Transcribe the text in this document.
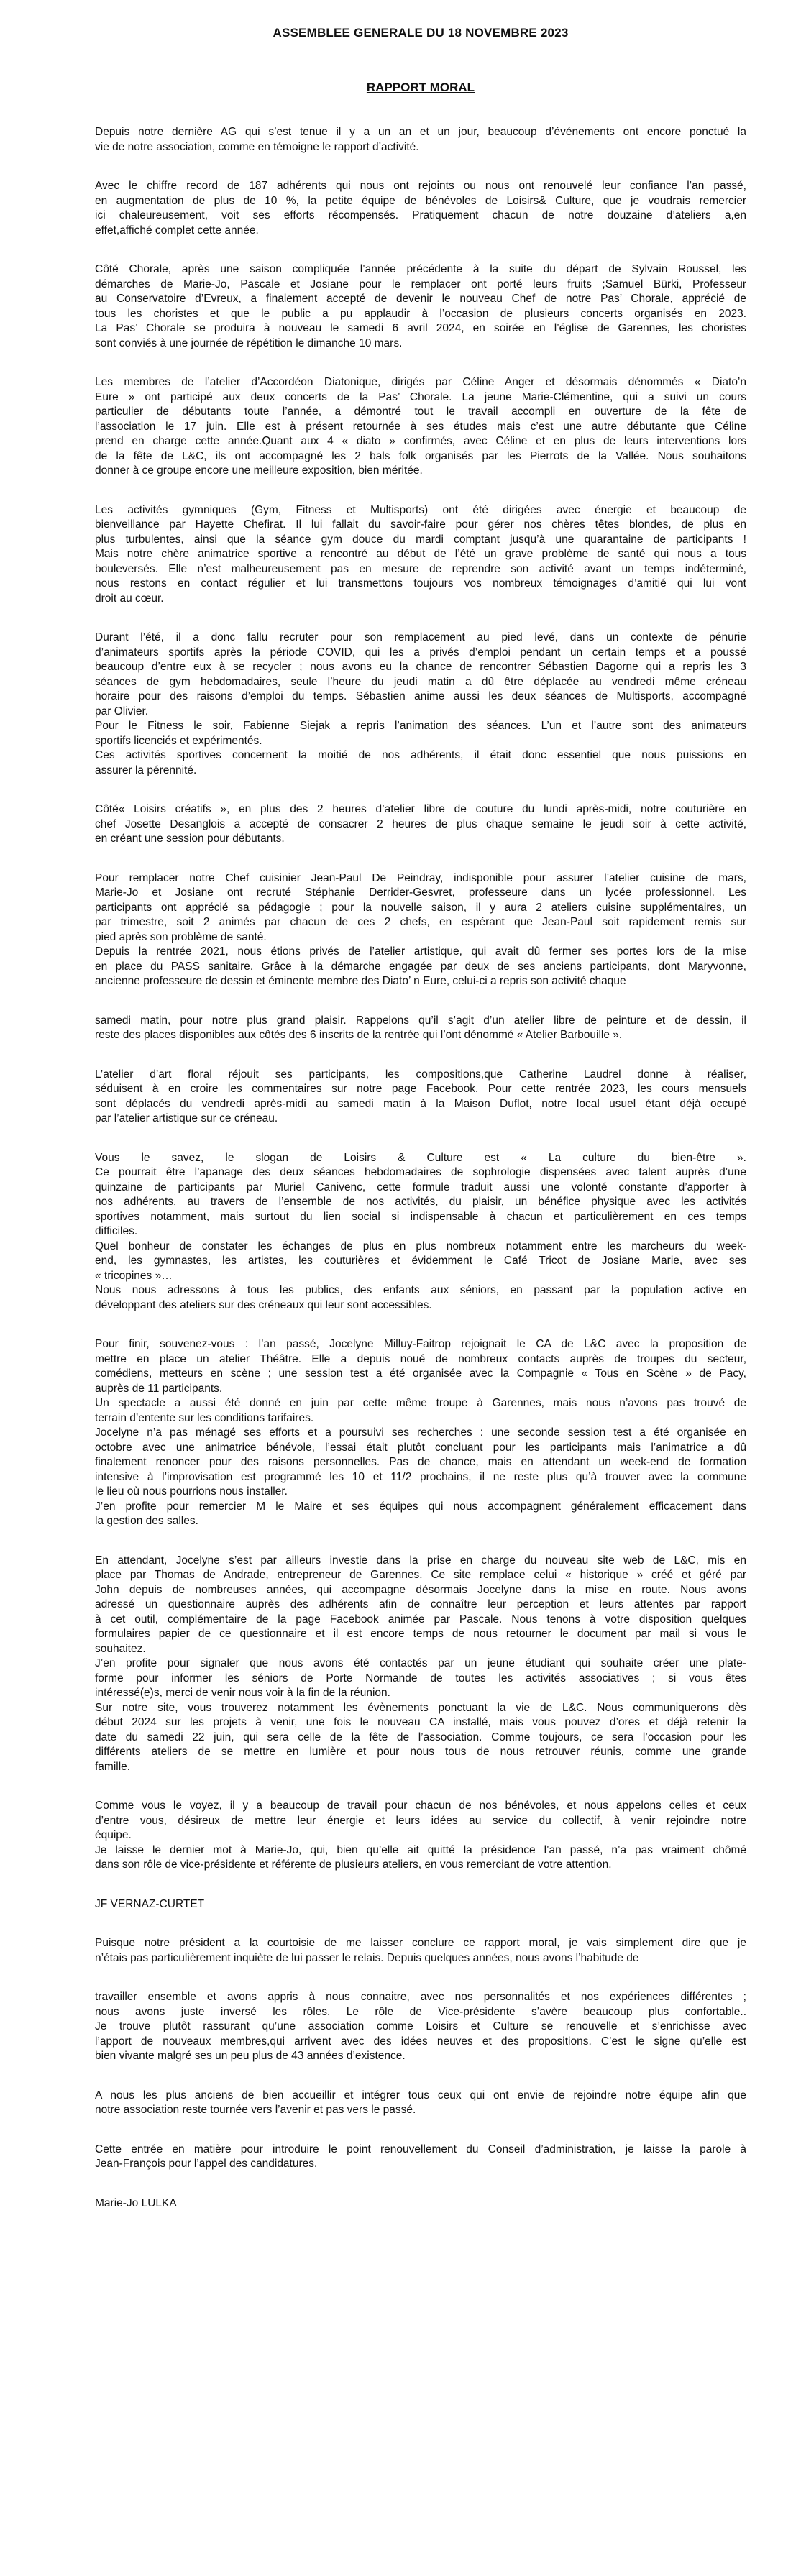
ASSEMBLEE GENERALE DU 18 NOVEMBRE 2023
RAPPORT MORAL
Depuis notre dernière AG qui s’est tenue il y a un an et un jour, beaucoup d’événements ont encore ponctué la
vie de notre association, comme en témoigne le rapport d’activité.
Avec le chiffre record de 187 adhérents qui nous ont rejoints ou nous ont renouvelé leur confiance l’an passé,
en augmentation de plus de 10 %, la petite équipe de bénévoles de Loisirs& Culture, que je voudrais remercier
ici chaleureusement, voit ses efforts récompensés. Pratiquement chacun de notre douzaine d’ateliers a,en
effet,affiché complet cette année.
Côté Chorale, après une saison compliquée l’année précédente à la suite du départ de Sylvain Roussel, les
démarches de Marie-Jo, Pascale et Josiane pour le remplacer ont porté leurs fruits ;Samuel Bürki, Professeur
au Conservatoire d’Evreux, a finalement accepté de devenir le nouveau Chef de notre Pas’ Chorale, apprécié de
tous les choristes et que le public a pu applaudir à l’occasion de plusieurs concerts organisés en 2023.
La Pas’ Chorale se produira à nouveau le samedi 6 avril 2024, en soirée en l’église de Garennes, les choristes
sont conviés à une journée de répétition le dimanche 10 mars.
Les membres de l’atelier d’Accordéon Diatonique, dirigés par Céline Anger et désormais dénommés « Diato’n
Eure » ont participé aux deux concerts de la Pas’ Chorale. La jeune Marie-Clémentine, qui a suivi un cours
particulier de débutants toute l’année, a démontré tout le travail accompli en ouverture de la fête de
l’association le 17 juin. Elle est à présent retournée à ses études mais c’est une autre débutante que Céline
prend en charge cette année.Quant aux 4 « diato » confirmés, avec Céline et en plus de leurs interventions lors
de la fête de L&C, ils ont accompagné les 2 bals folk organisés par les Pierrots de la Vallée. Nous souhaitons
donner à ce groupe encore une meilleure exposition, bien méritée.
Les activités gymniques (Gym, Fitness et Multisports) ont été dirigées avec énergie et beaucoup de
bienveillance par Hayette Chefirat. Il lui fallait du savoir-faire pour gérer nos chères têtes blondes, de plus en
plus turbulentes, ainsi que la séance gym douce du mardi comptant jusqu’à une quarantaine de participants !
Mais notre chère animatrice sportive a rencontré au début de l’été un grave problème de santé qui nous a tous
bouleversés. Elle n’est malheureusement pas en mesure de reprendre son activité avant un temps indéterminé,
nous restons en contact régulier et lui transmettons toujours vos nombreux témoignages d’amitié qui lui vont
droit au cœur.
Durant l’été, il a donc fallu recruter pour son remplacement au pied levé, dans un contexte de pénurie
d’animateurs sportifs après la période COVID, qui les a privés d’emploi pendant un certain temps et a poussé
beaucoup d’entre eux à se recycler ; nous avons eu la chance de rencontrer Sébastien Dagorne qui a repris les 3
séances de gym hebdomadaires, seule l’heure du jeudi matin a dû être déplacée au vendredi même créneau
horaire pour des raisons d’emploi du temps. Sébastien anime aussi les deux séances de Multisports, accompagné
par Olivier.
Pour le Fitness le soir, Fabienne Siejak a repris l’animation des séances. L’un et l’autre sont des animateurs
sportifs licenciés et expérimentés.
Ces activités sportives concernent la moitié de nos adhérents, il était donc essentiel que nous puissions en
assurer la pérennité.
Côté« Loisirs créatifs », en plus des 2 heures d’atelier libre de couture du lundi après-midi, notre couturière en
chef Josette Desanglois a accepté de consacrer 2 heures de plus chaque semaine le jeudi soir à cette activité,
en créant une session pour débutants.
Pour remplacer notre Chef cuisinier Jean-Paul De Peindray, indisponible pour assurer l’atelier cuisine de mars,
Marie-Jo et Josiane ont recruté Stéphanie Derrider-Gesvret, professeure dans un lycée professionnel. Les
participants ont apprécié sa pédagogie ; pour la nouvelle saison, il y aura 2 ateliers cuisine supplémentaires, un
par trimestre, soit 2 animés par chacun de ces 2 chefs, en espérant que Jean-Paul soit rapidement remis sur
pied après son problème de santé.
Depuis la rentrée 2021, nous étions privés de l’atelier artistique, qui avait dû fermer ses portes lors de la mise
en place du PASS sanitaire. Grâce à la démarche engagée par deux de ses anciens participants, dont Maryvonne,
ancienne professeure de dessin et éminente membre des Diato’ n Eure, celui-ci a repris son activité chaque
samedi matin, pour notre plus grand plaisir. Rappelons qu’il s’agit d’un atelier libre de peinture et de dessin, il
reste des places disponibles aux côtés des 6 inscrits de la rentrée qui l’ont dénommé « Atelier Barbouille ».
L’atelier d’art floral réjouit ses participants, les compositions,que Catherine Laudrel donne à réaliser,
séduisent à en croire les commentaires sur notre page Facebook. Pour cette rentrée 2023, les cours mensuels
sont déplacés du vendredi après-midi au samedi matin à la Maison Duflot, notre local usuel étant déjà occupé
par l’atelier artistique sur ce créneau.
Vous le savez, le slogan de Loisirs & Culture est « La culture du bien-être ».
Ce pourrait être l’apanage des deux séances hebdomadaires de sophrologie dispensées avec talent auprès d’une
quinzaine de participants par Muriel Canivenc, cette formule traduit aussi une volonté constante d’apporter à
nos adhérents, au travers de l’ensemble de nos activités, du plaisir, un bénéfice physique avec les activités
sportives notamment, mais surtout du lien social si indispensable à chacun et particulièrement en ces temps
difficiles.
Quel bonheur de constater les échanges de plus en plus nombreux notamment entre les marcheurs du week-
end, les gymnastes, les artistes, les couturières et évidemment le Café Tricot de Josiane Marie, avec ses
« tricopines »…
Nous nous adressons à tous les publics, des enfants aux séniors, en passant par la population active en
développant des ateliers sur des créneaux qui leur sont accessibles.
Pour finir, souvenez-vous : l’an passé, Jocelyne Milluy-Faitrop rejoignait le CA de L&C avec la proposition de
mettre en place un atelier Théâtre. Elle a depuis noué de nombreux contacts auprès de troupes du secteur,
comédiens, metteurs en scène ; une session test a été organisée avec la Compagnie « Tous en Scène » de Pacy,
auprès de 11 participants.
Un spectacle a aussi été donné en juin par cette même troupe à Garennes, mais nous n’avons pas trouvé de
terrain d’entente sur les conditions tarifaires.
Jocelyne n’a pas ménagé ses efforts et a poursuivi ses recherches : une seconde session test a été organisée en
octobre avec une animatrice bénévole, l’essai était plutôt concluant pour les participants mais l’animatrice a dû
finalement renoncer pour des raisons personnelles. Pas de chance, mais en attendant un week-end de formation
intensive à l’improvisation est programmé les 10 et 11/2 prochains, il ne reste plus qu’à trouver avec la commune
le lieu où nous pourrions nous installer.
J’en profite pour remercier M le Maire et ses équipes qui nous accompagnent généralement efficacement dans
la gestion des salles.
En attendant, Jocelyne s’est par ailleurs investie dans la prise en charge du nouveau site web de L&C, mis en
place par Thomas de Andrade, entrepreneur de Garennes. Ce site remplace celui « historique » créé et géré par
John depuis de nombreuses années, qui accompagne désormais Jocelyne dans la mise en route. Nous avons
adressé un questionnaire auprès des adhérents afin de connaître leur perception et leurs attentes par rapport
à cet outil, complémentaire de la page Facebook animée par Pascale. Nous tenons à votre disposition quelques
formulaires papier de ce questionnaire et il est encore temps de nous retourner le document par mail si vous le
souhaitez.
J’en profite pour signaler que nous avons été contactés par un jeune étudiant qui souhaite créer une plate-
forme pour informer les séniors de Porte Normande de toutes les activités associatives ; si vous êtes
intéressé(e)s, merci de venir nous voir à la fin de la réunion.
Sur notre site, vous trouverez notamment les évènements ponctuant la vie de L&C. Nous communiquerons dès
début 2024 sur les projets à venir, une fois le nouveau CA installé, mais vous pouvez d’ores et déjà retenir la
date du samedi 22 juin, qui sera celle de la fête de l’association. Comme toujours, ce sera l’occasion pour les
différents ateliers de se mettre en lumière et pour nous tous de nous retrouver réunis, comme une grande
famille.
Comme vous le voyez, il y a beaucoup de travail pour chacun de nos bénévoles, et nous appelons celles et ceux
d’entre vous, désireux de mettre leur énergie et leurs idées au service du collectif, à venir rejoindre notre
équipe.
Je laisse le dernier mot à Marie-Jo, qui, bien qu’elle ait quitté la présidence l’an passé, n’a pas vraiment chômé
dans son rôle de vice-présidente et référente de plusieurs ateliers, en vous remerciant de votre attention.
JF VERNAZ-CURTET
Puisque notre président a la courtoisie de me laisser conclure ce rapport moral, je vais simplement dire que je
n’étais pas particulièrement inquiète de lui passer le relais. Depuis quelques années, nous avons l’habitude de
travailler ensemble et avons appris à nous connaitre, avec nos personnalités et nos expériences différentes ;
nous avons juste inversé les rôles. Le rôle de Vice-présidente s’avère beaucoup plus confortable..
Je trouve plutôt rassurant qu’une association comme Loisirs et Culture se renouvelle et s’enrichisse avec
l’apport de nouveaux membres,qui arrivent avec des idées neuves et des propositions. C’est le signe qu’elle est
bien vivante malgré ses un peu plus de 43 années d’existence.
A nous les plus anciens de bien accueillir et intégrer tous ceux qui ont envie de rejoindre notre équipe afin que
notre association reste tournée vers l’avenir et pas vers le passé.
Cette entrée en matière pour introduire le point renouvellement du Conseil d’administration, je laisse la parole à
Jean-François pour l’appel des candidatures.
Marie-Jo LULKA
